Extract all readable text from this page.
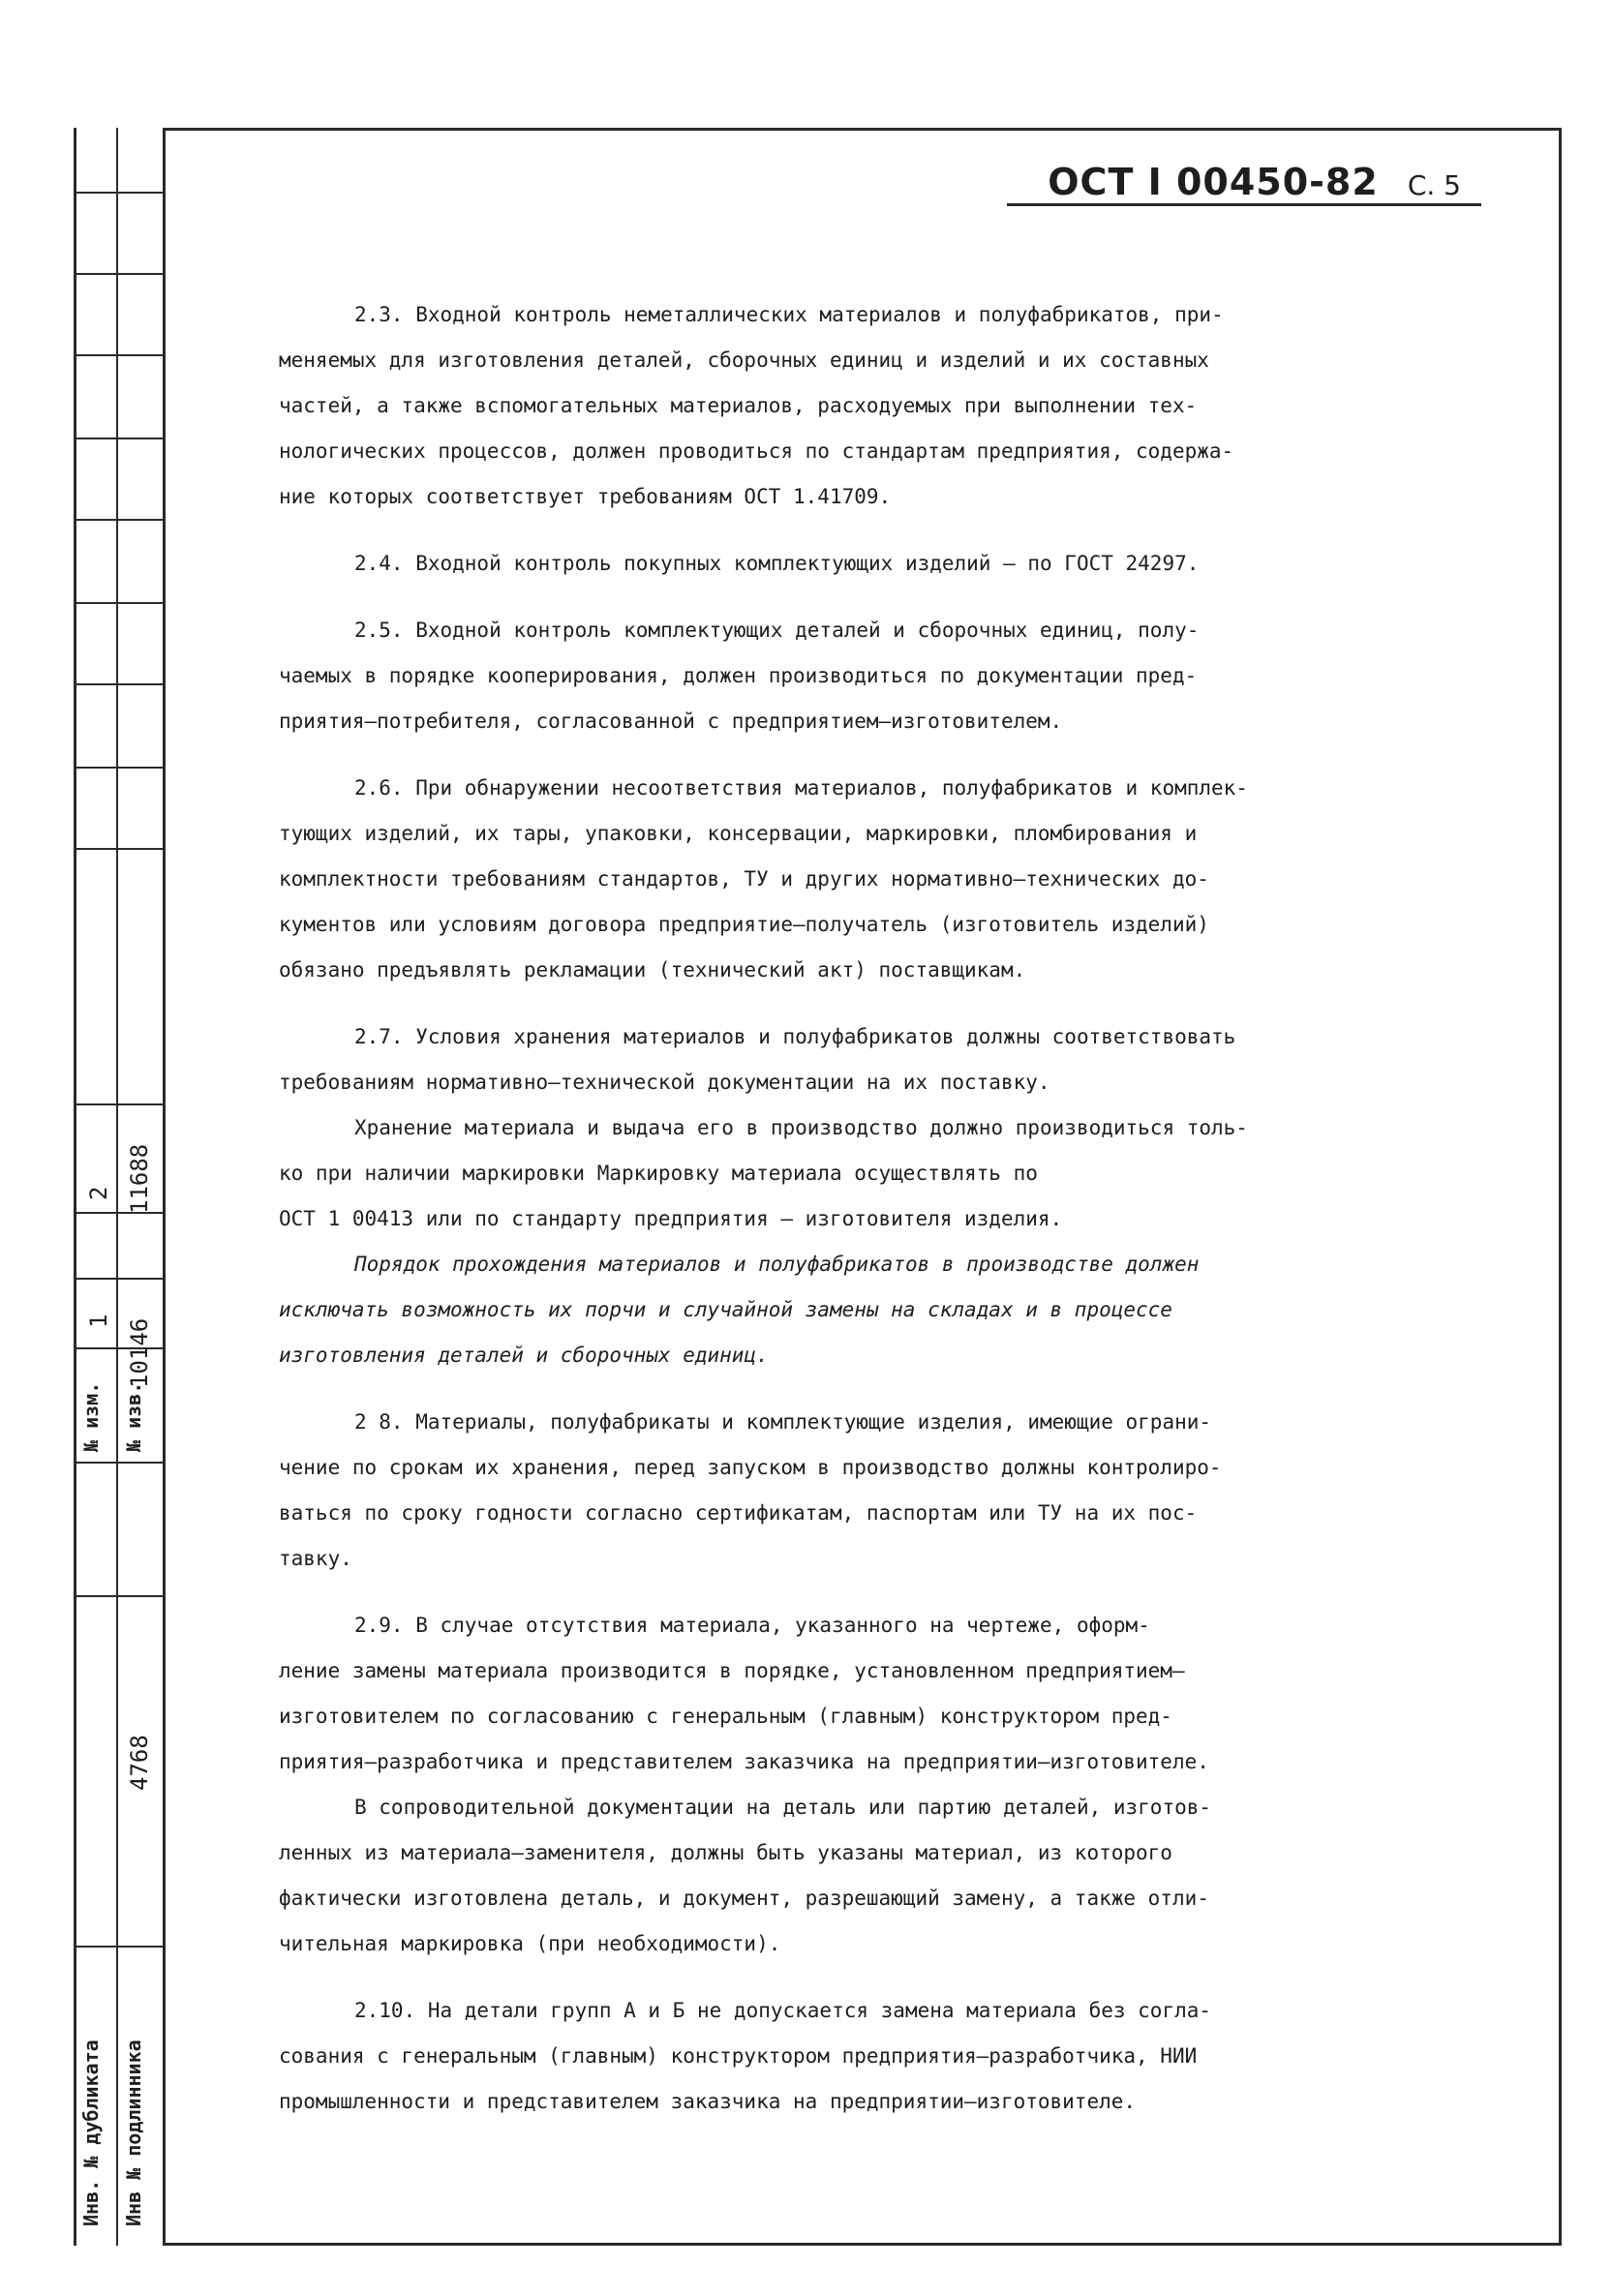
№ изм. № изв.
1
2
10146
11688
4768
Инв. № дубликата Инв № подлинника
ОСТ I 00450-82 С. 5
2.3. Входной контроль неметаллических материалов и полуфабрикатов, при-
меняемых для изготовления деталей, сборочных единиц и изделий и их составных
частей, а также вспомогательных материалов, расходуемых при выполнении тех-
нологических процессов, должен проводиться по стандартам предприятия, содержа-
ние которых соответствует требованиям ОСТ 1.41709.
2.4. Входной контроль покупных комплектующих изделий – по ГОСТ 24297.
2.5. Входной контроль комплектующих деталей и сборочных единиц, полу-
чаемых в порядке кооперирования, должен производиться по документации пред-
приятия–потребителя, согласованной с предприятием–изготовителем.
2.6. При обнаружении несоответствия материалов, полуфабрикатов и комплек-
тующих изделий, их тары, упаковки, консервации, маркировки, пломбирования и
комплектности требованиям стандартов, ТУ и других нормативно–технических до-
кументов или условиям договора предприятие–получатель (изготовитель изделий)
обязано предъявлять рекламации (технический акт) поставщикам.
2.7. Условия хранения материалов и полуфабрикатов должны соответствовать
требованиям нормативно–технической документации на их поставку.
Хранение материала и выдача его в производство должно производиться толь-
ко при наличии маркировки Маркировку материала осуществлять по
ОСТ 1 00413 или по стандарту предприятия – изготовителя изделия.
Порядок прохождения материалов и полуфабрикатов в производстве должен
исключать возможность их порчи и случайной замены на складах и в процессе
изготовления деталей и сборочных единиц.
2 8. Материалы, полуфабрикаты и комплектующие изделия, имеющие ограни-
чение по срокам их хранения, перед запуском в производство должны контролиро-
ваться по сроку годности согласно сертификатам, паспортам или ТУ на их пос-
тавку.
2.9. В случае отсутствия материала, указанного на чертеже, оформ-
ление замены материала производится в порядке, установленном предприятием–
изготовителем по согласованию с генеральным (главным) конструктором пред-
приятия–разработчика и представителем заказчика на предприятии–изготовителе.
В сопроводительной документации на деталь или партию деталей, изготов-
ленных из материала–заменителя, должны быть указаны материал, из которого
фактически изготовлена деталь, и документ, разрешающий замену, а также отли-
чительная маркировка (при необходимости).
2.10. На детали групп А и Б не допускается замена материала без согла-
сования с генеральным (главным) конструктором предприятия–разработчика, НИИ
промышленности и представителем заказчика на предприятии–изготовителе.
